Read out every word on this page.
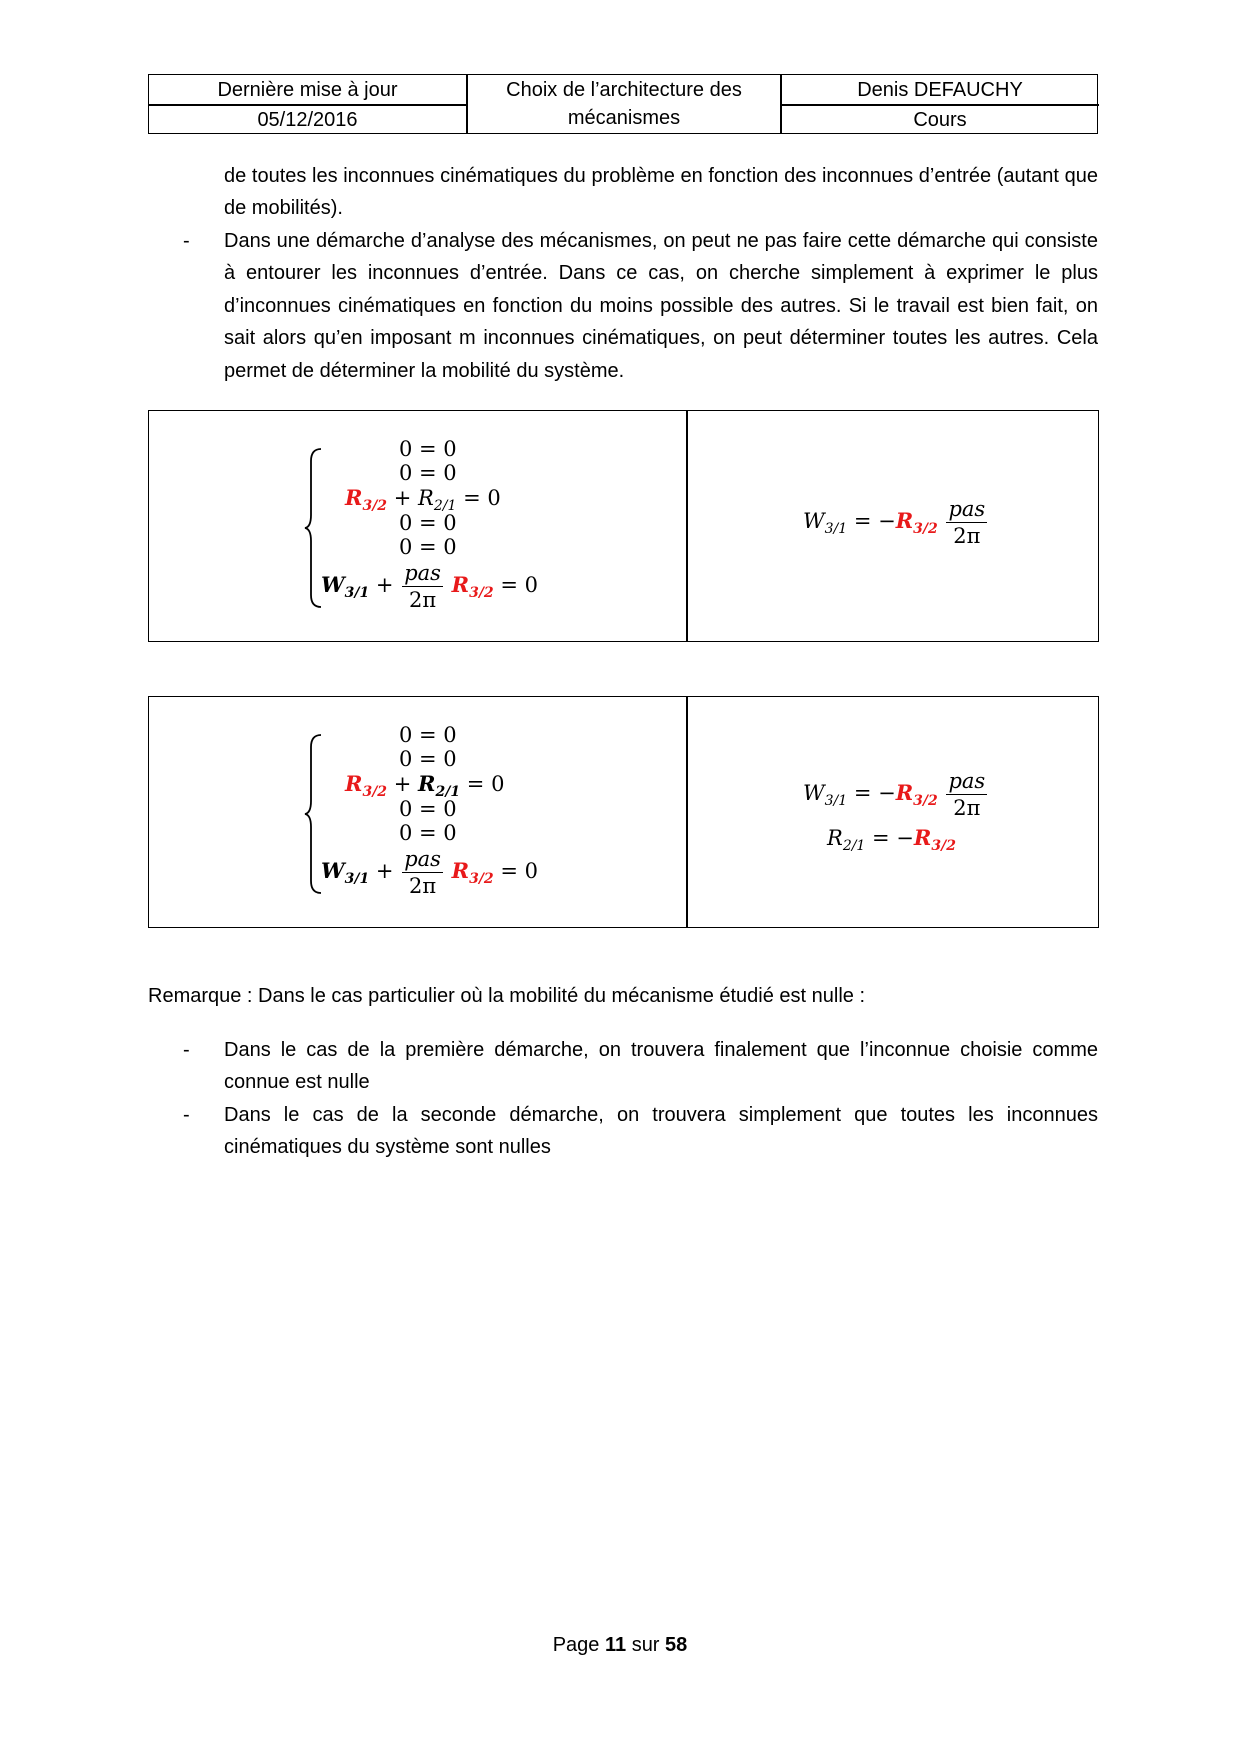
Dernière mise à jour
05/12/2016
Choix de l’architecture des mécanismes
Denis DEFAUCHY
Cours
de toutes les inconnues cinématiques du problème en fonction des inconnues d’entrée (autant que de mobilités).
- Dans une démarche d’analyse des mécanismes, on peut ne pas faire cette démarche qui consiste à entourer les inconnues d’entrée. Dans ce cas, on cherche simplement à exprimer le plus d’inconnues cinématiques en fonction du moins possible des autres. Si le travail est bien fait, on sait alors qu’en imposant m inconnues cinématiques, on peut déterminer toutes les autres. Cela permet de déterminer la mobilité du système.
0 = 0
0 = 0
$R_{3/2} + R_{2/1} = 0$
0 = 0
0 = 0
$W_{3/1} + \frac{\text{pas}}{2\pi} R_{3/2} = 0$
$W_{3/1} = -R_{3/2} \frac{\text{pas}}{2\pi}$
0 = 0
0 = 0
$R_{3/2} + R_{2/1} = 0$
0 = 0
0 = 0
$W_{3/1} + \frac{\text{pas}}{2\pi} R_{3/2} = 0$
$W_{3/1} = -R_{3/2} \frac{\text{pas}}{2\pi}$
$R_{2/1} = -R_{3/2}$
Remarque : Dans le cas particulier où la mobilité du mécanisme étudié est nulle :
- Dans le cas de la première démarche, on trouvera finalement que l’inconnue choisie comme connue est nulle
- Dans le cas de la seconde démarche, on trouvera simplement que toutes les inconnues cinématiques du système sont nulles
Page 11 sur 58
